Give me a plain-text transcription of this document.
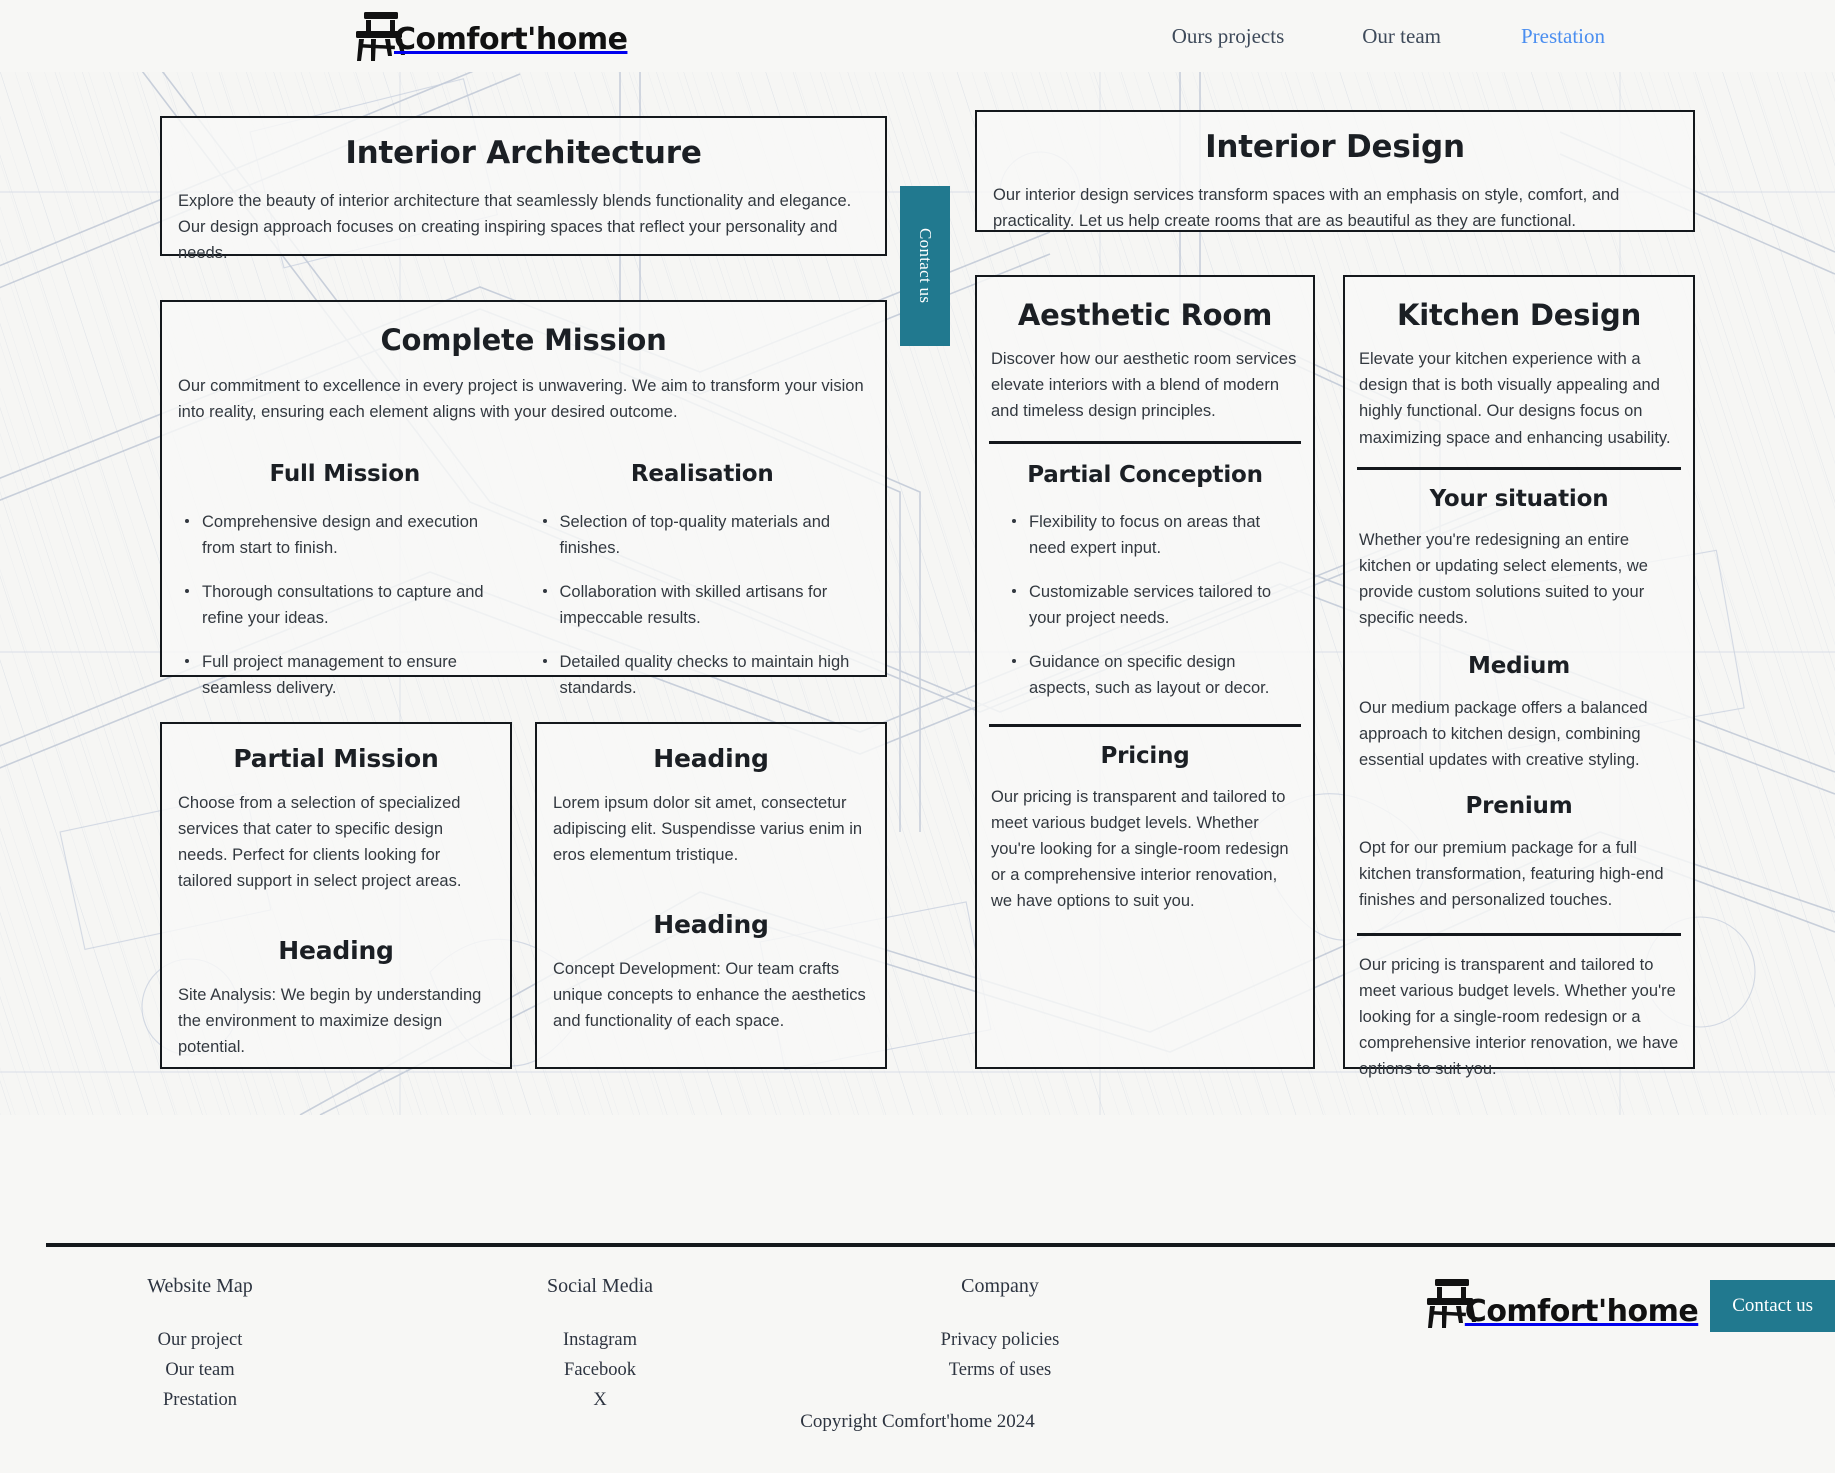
Comfort'home	Ours projects	Our team	Prestation
Interior Architecture

Explore the beauty of interior architecture that seamlessly blends functionality and elegance. Our design approach focuses on creating inspiring spaces that reflect your personality and needs.

Complete Mission

Our commitment to excellence in every project is unwavering. We aim to transform your vision into reality, ensuring each element aligns with your desired outcome.

Full Mission
Comprehensive design and execution from start to finish.
Thorough consultations to capture and refine your ideas.
Full project management to ensure seamless delivery.
Realisation
Selection of top-quality materials and finishes.
Collaboration with skilled artisans for impeccable results.
Detailed quality checks to maintain high standards.
Partial Mission

Choose from a selection of specialized services that cater to specific design needs. Perfect for clients looking for tailored support in select project areas.

Heading

Site Analysis: We begin by understanding the environment to maximize design potential.

Heading

Lorem ipsum dolor sit amet, consectetur adipiscing elit. Suspendisse varius enim in eros elementum tristique.

Heading

Concept Development: Our team crafts unique concepts to enhance the aesthetics and functionality of each space.

Contact us
Interior Design

Our interior design services transform spaces with an emphasis on style, comfort, and practicality. Let us help create rooms that are as beautiful as they are functional.

Aesthetic Room

Discover how our aesthetic room services elevate interiors with a blend of modern and timeless design principles.

Partial Conception
Flexibility to focus on areas that need expert input.
Customizable services tailored to your project needs.
Guidance on specific design aspects, such as layout or decor.
Pricing

Our pricing is transparent and tailored to meet various budget levels. Whether you're looking for a single-room redesign or a comprehensive interior renovation, we have options to suit you.

Kitchen Design

Elevate your kitchen experience with a design that is both visually appealing and highly functional. Our designs focus on maximizing space and enhancing usability.

Your situation

Whether you're redesigning an entire kitchen or updating select elements, we provide custom solutions suited to your specific needs.

Medium

Our medium package offers a balanced approach to kitchen design, combining essential updates with creative styling.

Prenium

Opt for our premium package for a full kitchen transformation, featuring high-end finishes and personalized touches.

Our pricing is transparent and tailored to meet various budget levels. Whether you're looking for a single-room redesign or a comprehensive interior renovation, we have options to suit you.

Website Map
Our project
Our team
Prestation
Social Media
Instagram
Facebook
X
Company
Privacy policies
Terms of uses
Comfort'home	Contact us
Copyright Comfort'home 2024
